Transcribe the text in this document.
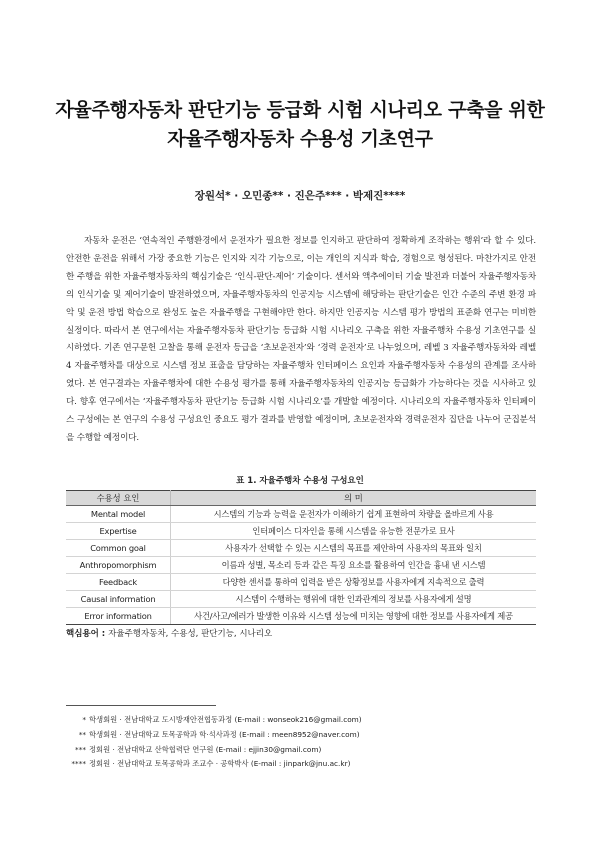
자율주행자동차 판단기능 등급화 시험 시나리오 구축을 위한
자율주행자동차 수용성 기초연구
장원석* · 오민종** · 진은주*** · 박제진****

자동차 운전은 ‘연속적인 주행환경에서 운전자가 필요한 정보를 인지하고 판단하여 정확하게 조작하는 행위’라 할 수 있다. 안전한 운전을 위해서 가장 중요한 기능은 인지와 지각 기능으로, 이는 개인의 지식과 학습, 경험으로 형성된다. 마찬가지로 안전한 주행을 위한 자율주행자동차의 핵심기술은 ‘인식-판단-제어’ 기술이다. 센서와 액추에이터 기술 발전과 더불어 자율주행자동차의 인식기술 및 제어기술이 발전하였으며, 자율주행자동차의 인공지능 시스템에 해당하는 판단기술은 인간 수준의 주변 환경 파악 및 운전 방법 학습으로 완성도 높은 자율주행을 구현해야만 한다. 하지만 인공지능 시스템 평가 방법의 표준화 연구는 미비한 실정이다. 따라서 본 연구에서는 자율주행자동차 판단기능 등급화 시험 시나리오 구축을 위한 자율주행차 수용성 기초연구를 실시하였다. 기존 연구문헌 고찰을 통해 운전자 등급을 ‘초보운전자’와 ‘경력 운전자’로 나누었으며, 레벨 3 자율주행자동차와 레벨 4 자율주행차를 대상으로 시스템 정보 표출을 담당하는 자율주행차 인터페이스 요인과 자율주행자동차 수용성의 관계를 조사하였다. 본 연구결과는 자율주행차에 대한 수용성 평가를 통해 자율주행자동차의 인공지능 등급화가 가능하다는 것을 시사하고 있다. 향후 연구에서는 ‘자율주행자동차 판단기능 등급화 시험 시나리오’를 개발할 예정이다. 시나리오의 자율주행자동차 인터페이스 구성에는 본 연구의 수용성 구성요인 중요도 평가 결과를 반영할 예정이며, 초보운전자와 경력운전자 집단을 나누어 군집분석을 수행할 예정이다.

표 1. 자율주행차 수용성 구성요인
수용성 요인	의 미
Mental model	시스템의 기능과 능력을 운전자가 이해하기 쉽게 표현하여 차량을 올바르게 사용
Expertise	인터페이스 디자인을 통해 시스템을 유능한 전문가로 묘사
Common goal	사용자가 선택할 수 있는 시스템의 목표를 제안하여 사용자의 목표와 일치
Anthropomorphism	이름과 성별, 목소리 등과 같은 특징 요소를 활용하여 인간을 흉내 낸 시스템
Feedback	다양한 센서를 통하여 입력을 받은 상황정보를 사용자에게 지속적으로 출력
Causal information	시스템이 수행하는 행위에 대한 인과관계의 정보를 사용자에게 설명
Error information	사건/사고/에러가 발생한 이유와 시스템 성능에 미치는 영향에 대한 정보를 사용자에게 제공
핵심용어 : 자율주행자동차, 수용성, 판단기능, 시나리오
* 학생회원 · 전남대학교 도시방재안전협동과정 (E-mail : wonseok216@gmail.com)
** 학생회원 · 전남대학교 토목공학과 학·석사과정 (E-mail : meen8952@naver.com)
*** 정회원 · 전남대학교 산학협력단 연구원 (E-mail : ejjin30@gmail.com)
**** 정회원 · 전남대학교 토목공학과 조교수 · 공학박사 (E-mail : jinpark@jnu.ac.kr)
